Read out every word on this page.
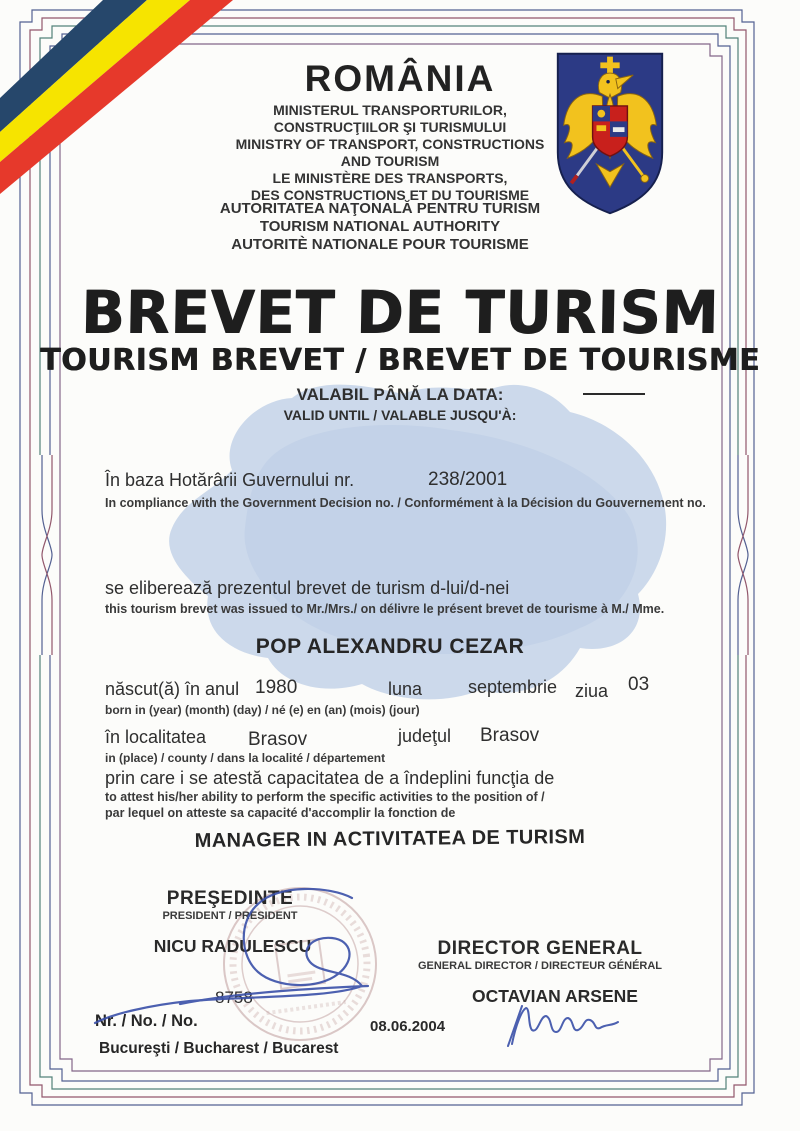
ROMÂNIA
MINISTERUL TRANSPORTURILOR,
CONSTRUCŢIILOR ŞI TURISMULUI
MINISTRY OF TRANSPORT, CONSTRUCTIONS
AND TOURISM
LE MINISTÈRE DES TRANSPORTS,
DES CONSTRUCTIONS ET DU TOURISME
AUTORITATEA NAŢONALĂ PENTRU TURISM
TOURISM NATIONAL AUTHORITY
AUTORITÈ NATIONALE POUR TOURISME
BREVET DE TURISM
TOURISM BREVET / BREVET DE TOURISME
VALABIL PÂNĂ LA DATA:
VALID UNTIL / VALABLE JUSQU'À:
În baza Hotărârii Guvernului nr.	238/2001
In compliance with the Government Decision no. / Conformément à la Décision du Gouvernement no.
se eliberează prezentul brevet de turism d-lui/d-nei
this tourism brevet was issued to Mr./Mrs./ on délivre le présent brevet de tourisme à M./ Mme.
POP ALEXANDRU CEZAR
născut(ă) în anul 1980	luna	septembrie ziua 03
born in (year) (month) (day) / né (e) en (an) (mois) (jour)
în localitatea Brasov	judeţul Brasov
in (place) / county / dans la localité / département
prin care i se atestă capacitatea de a îndeplini funcţia de
to attest his/her ability to perform the specific activities to the position of /
par lequel on atteste sa capacité d'accomplir la fonction de
MANAGER IN ACTIVITATEA DE TURISM
PREŞEDINTE
PRESIDENT / PRESIDENT
NICU RADULESCU
8758
Nr. / No. / No.
Bucureşti / Bucharest / Bucarest
08.06.2004
DIRECTOR GENERAL
GENERAL DIRECTOR / DIRECTEUR GÉNÉRAL
OCTAVIAN ARSENE
